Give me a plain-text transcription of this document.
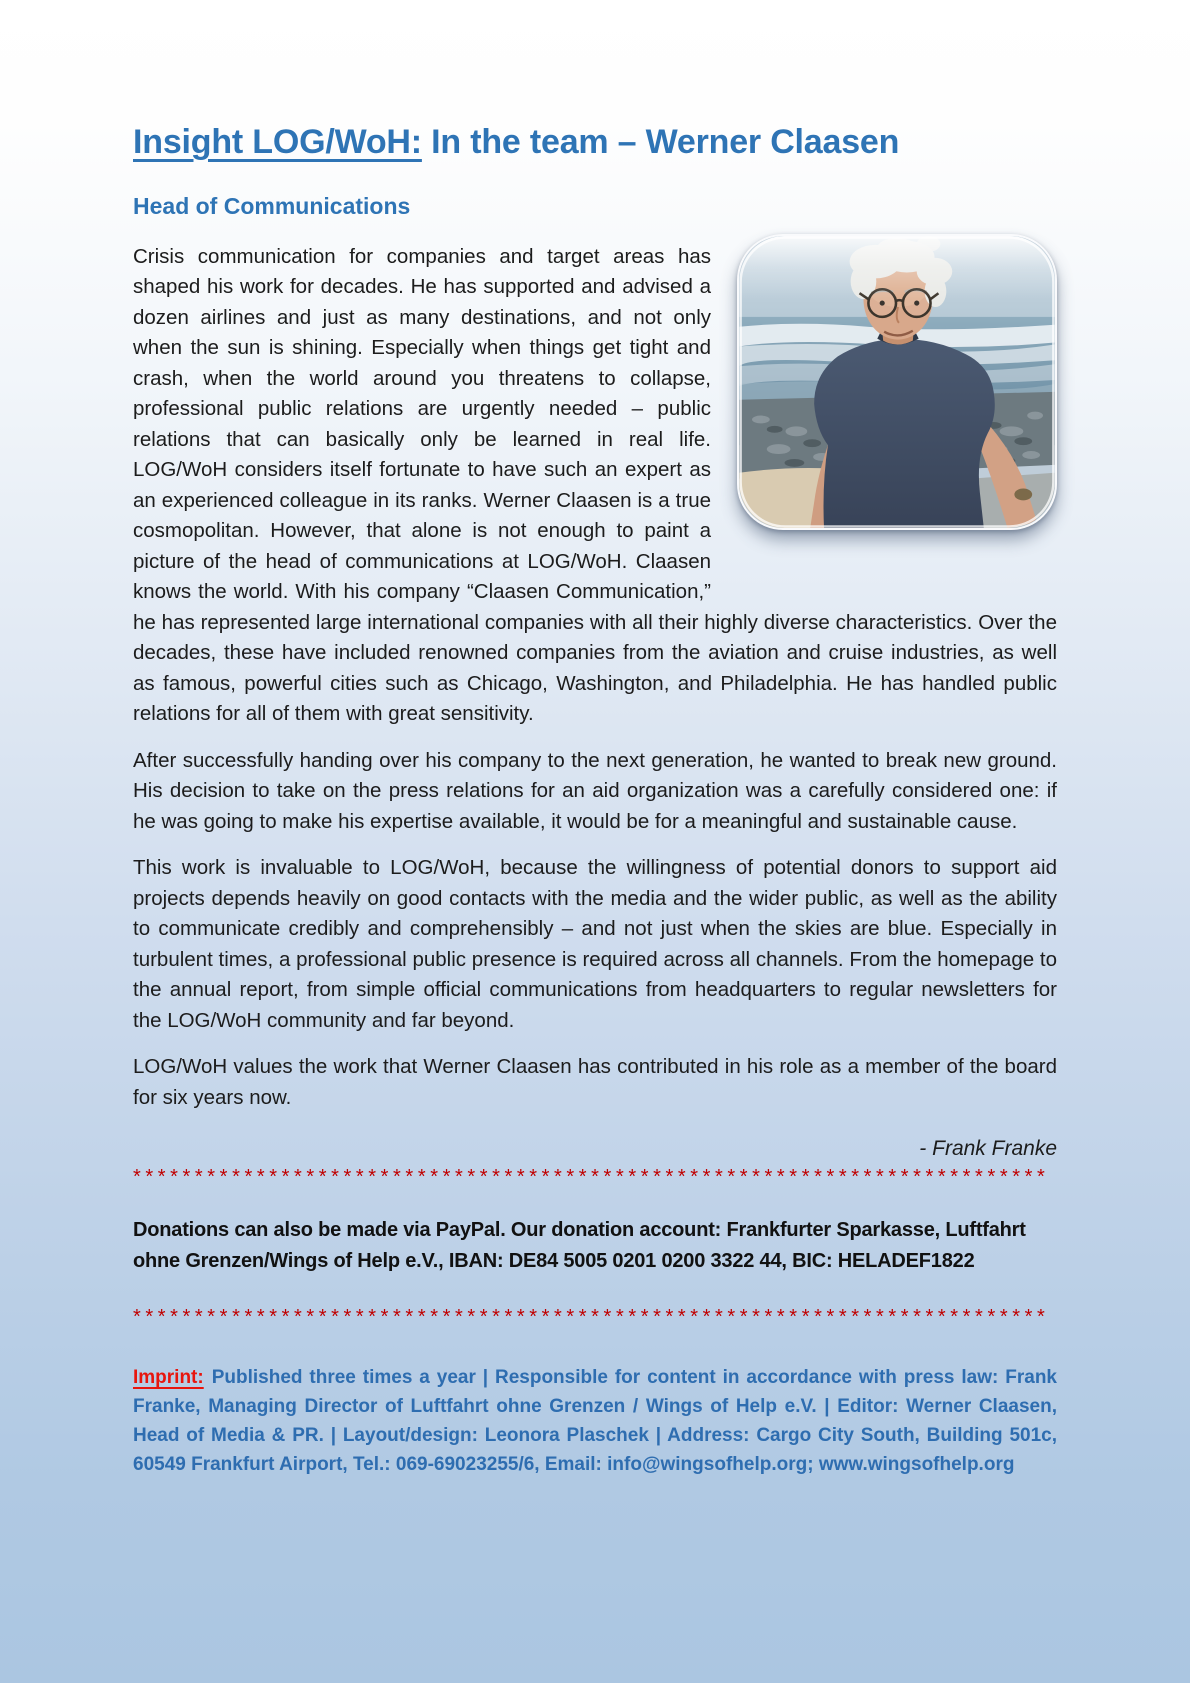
Insight LOG/WoH: In the team – Werner Claasen
Head of Communications
Crisis communication for companies and target areas has shaped his work for decades. He has supported and advised a dozen airlines and just as many destinations, and not only when the sun is shining. Especially when things get tight and crash, when the world around you threatens to collapse, professional public relations are urgently needed – public relations that can basically only be learned in real life. LOG/WoH considers itself fortunate to have such an expert as an experienced colleague in its ranks. Werner Claasen is a true cosmopolitan. However, that alone is not enough to paint a picture of the head of communications at LOG/WoH. Claasen knows the world. With his company “Claasen Communication,” he has represented large international companies with all their highly diverse characteristics. Over the decades, these have included renowned companies from the aviation and cruise industries, as well as famous, powerful cities such as Chicago, Washington, and Philadelphia. He has handled public relations for all of them with great sensitivity.

After successfully handing over his company to the next generation, he wanted to break new ground. His decision to take on the press relations for an aid organization was a carefully considered one: if he was going to make his expertise available, it would be for a meaningful and sustainable cause.

This work is invaluable to LOG/WoH, because the willingness of potential donors to support aid projects depends heavily on good contacts with the media and the wider public, as well as the ability to communicate credibly and comprehensibly – and not just when the skies are blue. Especially in turbulent times, a professional public presence is required across all channels. From the homepage to the annual report, from simple official communications from headquarters to regular newsletters for the LOG/WoH community and far beyond.

LOG/WoH values the work that Werner Claasen has contributed in his role as a member of the board for six years now.

- Frank Franke
**************************************************************************

Donations can also be made via PayPal. Our donation account: Frankfurter Sparkasse, Luftfahrt ohne Grenzen/Wings of Help e.V., IBAN: DE84 5005 0201 0200 3322 44, BIC: HELADEF1822

**************************************************************************

Imprint: Published three times a year | Responsible for content in accordance with press law: Frank Franke, Managing Director of Luftfahrt ohne Grenzen / Wings of Help e.V. | Editor: Werner Claasen, Head of Media & PR. | Layout/design: Leonora Plaschek | Address: Cargo City South, Building 501c, 60549 Frankfurt Airport, Tel.: 069-69023255/6, Email: info@wingsofhelp.org; www.wingsofhelp.org
